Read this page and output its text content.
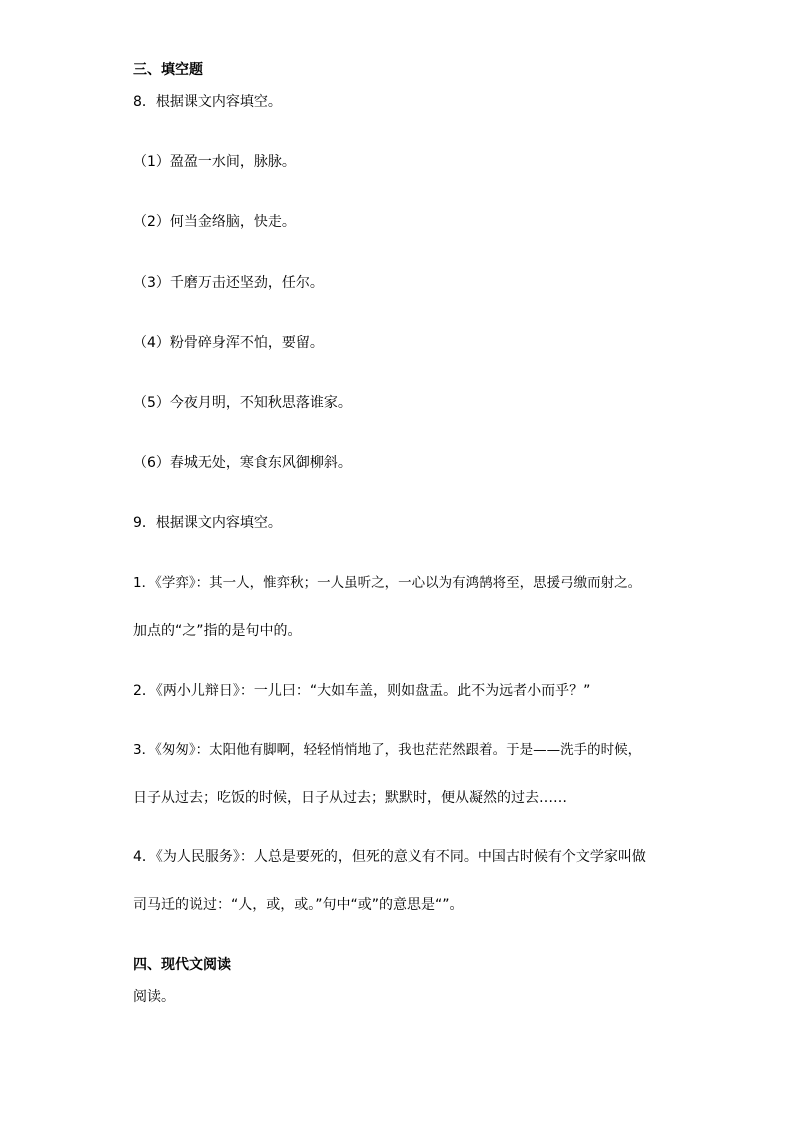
三、填空题
8．根据课文内容填空。
（1）盈盈一水间，脉脉。
（2）何当金络脑，快走。
（3）千磨万击还坚劲，任尔。
（4）粉骨碎身浑不怕，要留。
（5）今夜月明，不知秋思落谁家。
（6）春城无处，寒食东风御柳斜。
9．根据课文内容填空。
1．《学弈》：其一人，惟弈秋；一人虽听之，一心以为有鸿鹄将至，思援弓缴而射之。
加点的“之”指的是句中的。
2．《两小儿辩日》：一儿曰：“大如车盖，则如盘盂。此不为远者小而乎？”
3．《匆匆》：太阳他有脚啊，轻轻悄悄地了，我也茫茫然跟着。于是——洗手的时候，
日子从过去；吃饭的时候，日子从过去；默默时，便从凝然的过去……
4．《为人民服务》：人总是要死的，但死的意义有不同。中国古时候有个文学家叫做
司马迁的说过：“人，或，或。”句中“或”的意思是“”。
四、现代文阅读
阅读。
